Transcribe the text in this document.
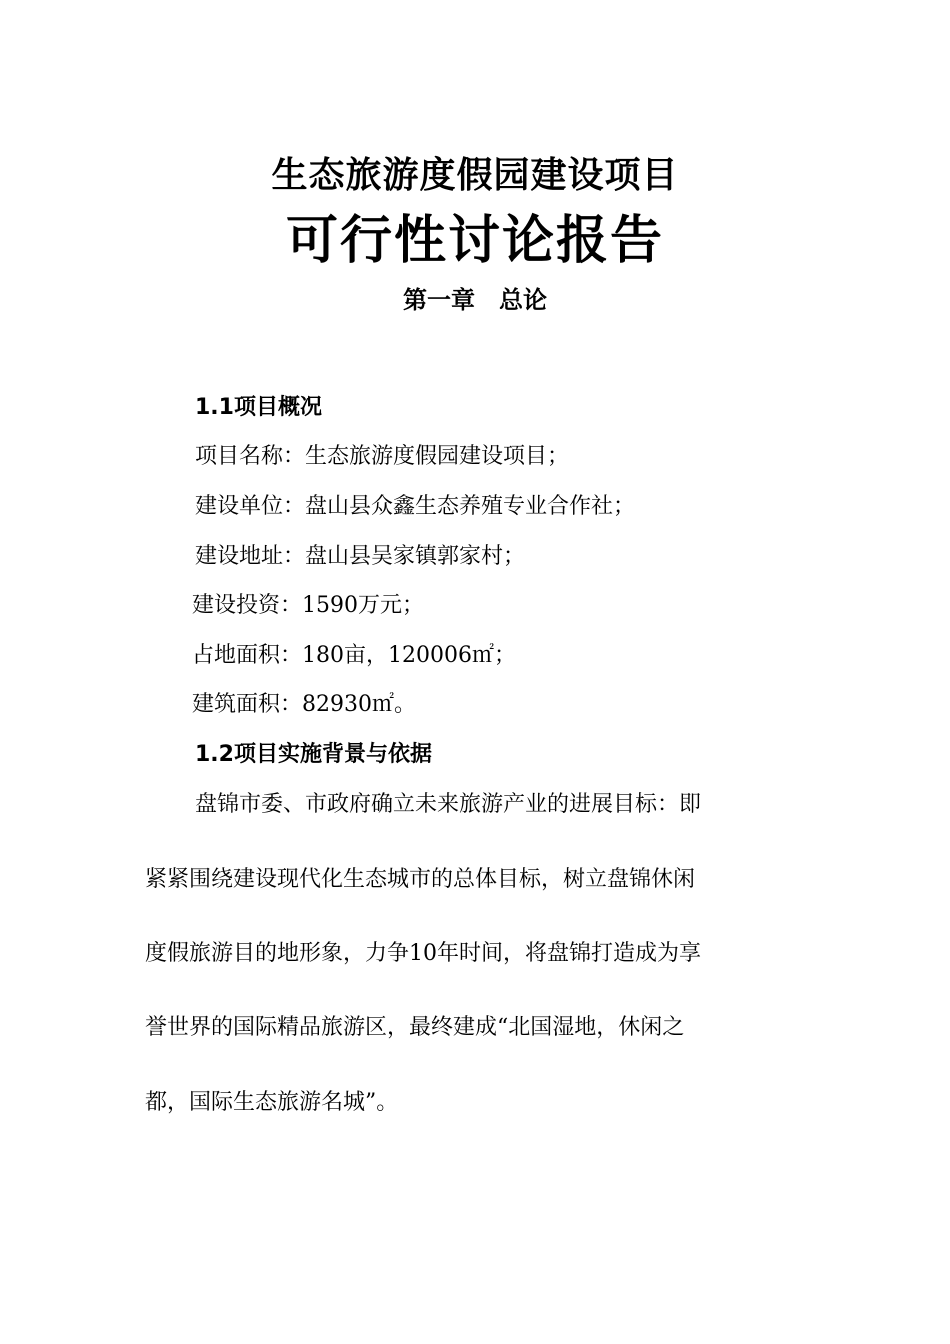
生态旅游度假园建设项目
可行性讨论报告
第一章　总论
1.1项目概况
项目名称：生态旅游度假园建设项目；
建设单位：盘山县众鑫生态养殖专业合作社；
建设地址：盘山县吴家镇郭家村；
建设投资：1590万元；
占地面积：180亩，120006㎡；
建筑面积：82930㎡。
1.2项目实施背景与依据
盘锦市委、市政府确立未来旅游产业的进展目标：即
紧紧围绕建设现代化生态城市的总体目标，树立盘锦休闲
度假旅游目的地形象，力争10年时间，将盘锦打造成为享
誉世界的国际精品旅游区，最终建成“北国湿地，休闲之
都，国际生态旅游名城”。
